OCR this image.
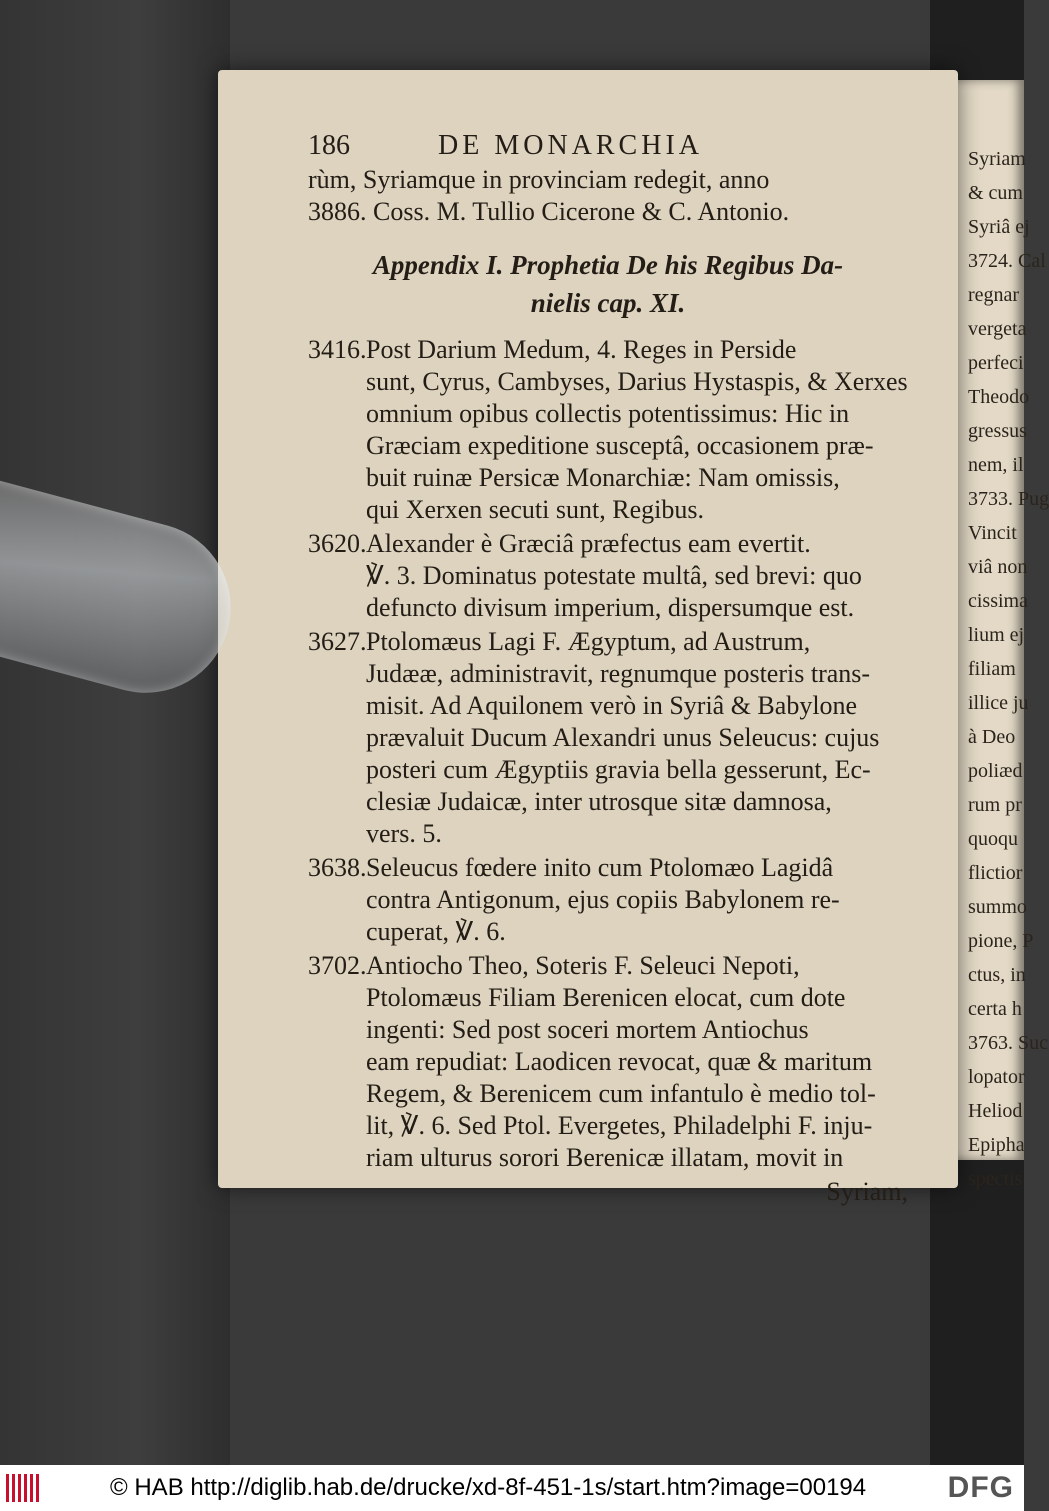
Syriam
& cum
Syriâ ej
3724. Cal
regnar
vergeta
perfeci
Theodo
gressus
nem, il
3733. Pug
Vincit
viâ non
cissima
lium ej
filiam
illice ju
à Deo
poliæd
rum pr
quoqu
flictior
summo
pione, P
ctus, in
certa h
3763. Suc
lopator
Heliod
Epipha
spectis
186	DE MONARCHIA
rùm, Syriamque in provinciam redegit, anno
3886. Coss. M. Tullio Cicerone & C. Antonio.
Appendix I. Prophetia De his Regibus Da-
nielis cap. XI.
3416. Post Darium Medum, 4. Reges in Perside
sunt, Cyrus, Cambyses, Darius Hystaspis, & Xerxes
omnium opibus collectis potentissimus: Hic in
Græciam expeditione susceptâ, occasionem præ-
buit ruinæ Persicæ Monarchiæ: Nam omissis,
qui Xerxen secuti sunt, Regibus.
3620. Alexander è Græciâ præfectus eam evertit.
℣. 3. Dominatus potestate multâ, sed brevi: quo
defuncto divisum imperium, dispersumque est.
3627. Ptolomæus Lagi F. Ægyptum, ad Austrum,
Judææ, administravit, regnumque posteris trans-
misit. Ad Aquilonem verò in Syriâ & Babylone
prævaluit Ducum Alexandri unus Seleucus: cujus
posteri cum Ægyptiis gravia bella gesserunt, Ec-
clesiæ Judaicæ, inter utrosque sitæ damnosa,
vers. 5.
3638. Seleucus fœdere inito cum Ptolomæo Lagidâ
contra Antigonum, ejus copiis Babylonem re-
cuperat, ℣. 6.
3702. Antiocho Theo, Soteris F. Seleuci Nepoti,
Ptolomæus Filiam Berenicen elocat, cum dote
ingenti: Sed post soceri mortem Antiochus
eam repudiat: Laodicen revocat, quæ & maritum
Regem, & Berenicem cum infantulo è medio tol-
lit, ℣. 6. Sed Ptol. Evergetes, Philadelphi F. inju-
riam ulturus sorori Berenicæ illatam, movit in
Syriam,
© HAB http://diglib.hab.de/drucke/xd-8f-451-1s/start.htm?image=00194	DFG
